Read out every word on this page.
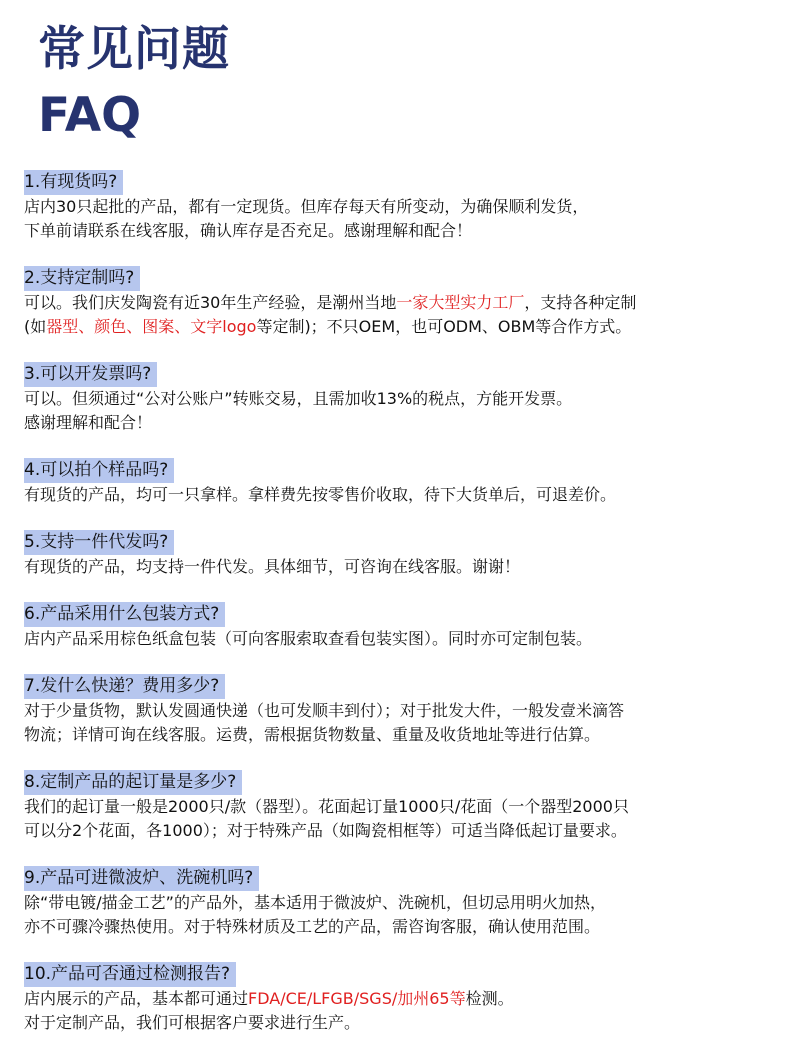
常见问题
FAQ
1.有现货吗?
店内30只起批的产品，都有一定现货。但库存每天有所变动，为确保顺利发货，
下单前请联系在线客服，确认库存是否充足。感谢理解和配合！
2.支持定制吗?
可以。我们庆发陶瓷有近30年生产经验，是潮州当地一家大型实力工厂，支持各种定制
(如器型、颜色、图案、文字logo等定制)；不只OEM，也可ODM、OBM等合作方式。
3.可以开发票吗?
可以。但须通过“公对公账户”转账交易，且需加收13%的税点，方能开发票。
感谢理解和配合！
4.可以拍个样品吗?
有现货的产品，均可一只拿样。拿样费先按零售价收取，待下大货单后，可退差价。
5.支持一件代发吗?
有现货的产品，均支持一件代发。具体细节，可咨询在线客服。谢谢！
6.产品采用什么包装方式?
店内产品采用棕色纸盒包装（可向客服索取查看包装实图）。同时亦可定制包装。
7.发什么快递？费用多少?
对于少量货物，默认发圆通快递（也可发顺丰到付）；对于批发大件，一般发壹米滴答
物流；详情可询在线客服。运费，需根据货物数量、重量及收货地址等进行估算。
8.定制产品的起订量是多少?
我们的起订量一般是2000只/款（器型）。花面起订量1000只/花面（一个器型2000只
可以分2个花面，各1000）；对于特殊产品（如陶瓷相框等）可适当降低起订量要求。
9.产品可进微波炉、洗碗机吗?
除“带电镀/描金工艺”的产品外，基本适用于微波炉、洗碗机，但切忌用明火加热，
亦不可骤冷骤热使用。对于特殊材质及工艺的产品，需咨询客服，确认使用范围。
10.产品可否通过检测报告?
店内展示的产品，基本都可通过FDA/CE/LFGB/SGS/加州65等检测。
对于定制产品，我们可根据客户要求进行生产。
